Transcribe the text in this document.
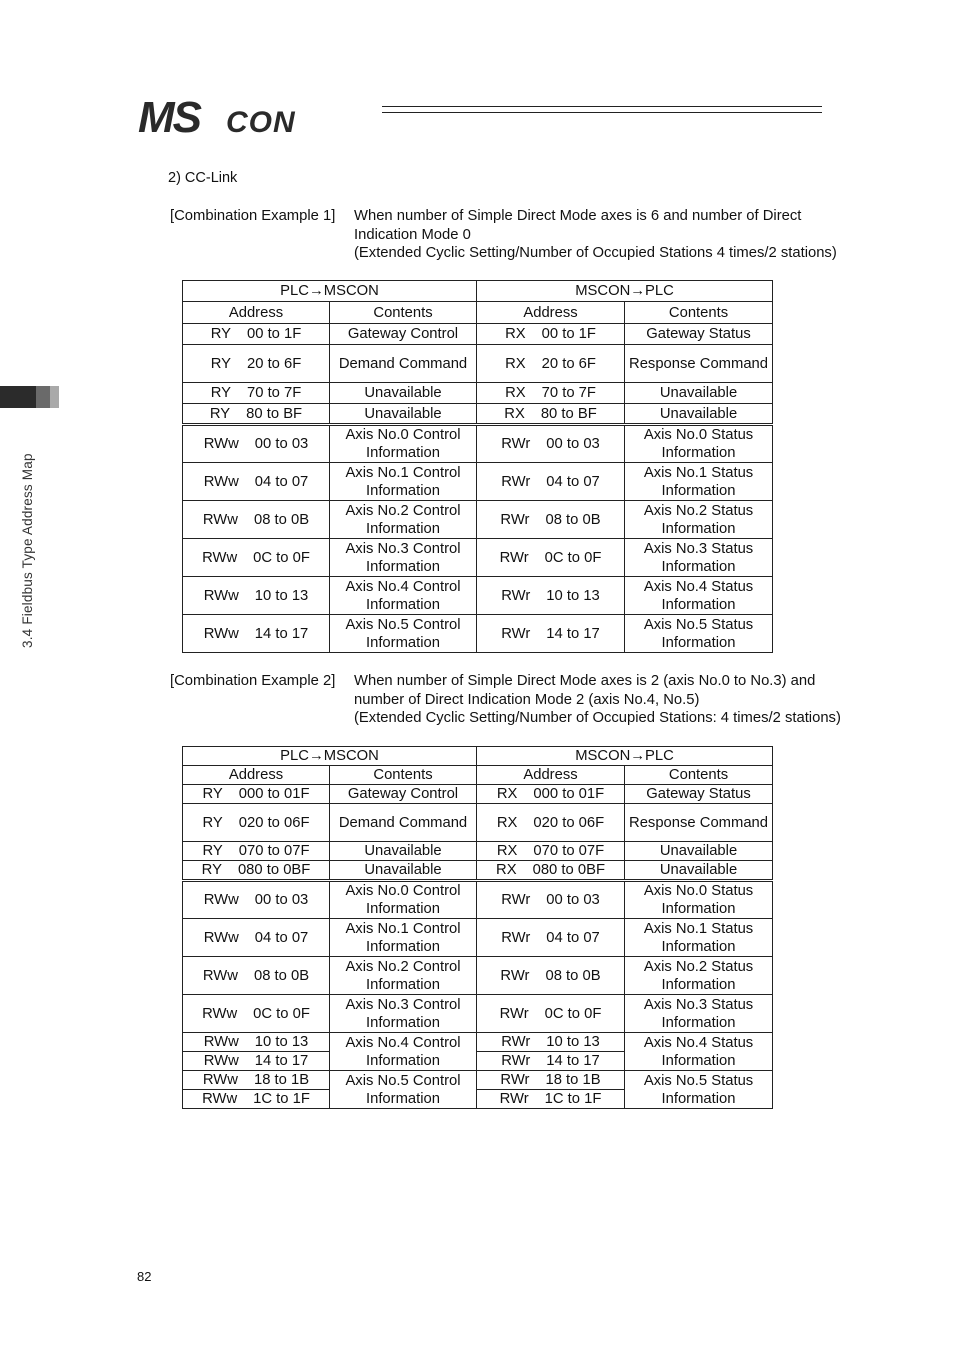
MS CON
3.4 Fieldbus Type Address Map
2) CC-Link
[Combination Example 1] When number of Simple Direct Mode axes is 6 and number of Direct Indication Mode 0
(Extended Cyclic Setting/Number of Occupied Stations 4 times/2 stations)
PLC→MSCON		MSCON→PLC	
Address	Contents	Address	Contents
RY 00 to 1F	Gateway Control	RX 00 to 1F	Gateway Status
RY 20 to 6F	Demand Command	RX 20 to 6F	Response Command
RY 70 to 7F	Unavailable	RX 70 to 7F	Unavailable
RY 80 to BF	Unavailable	RX 80 to BF	Unavailable
RWw 00 to 03	Axis No.0 Control Information	RWr 00 to 03	Axis No.0 Status Information
RWw 04 to 07	Axis No.1 Control Information	RWr 04 to 07	Axis No.1 Status Information
RWw 08 to 0B	Axis No.2 Control Information	RWr 08 to 0B	Axis No.2 Status Information
RWw 0C to 0F	Axis No.3 Control Information	RWr 0C to 0F	Axis No.3 Status Information
RWw 10 to 13	Axis No.4 Control Information	RWr 10 to 13	Axis No.4 Status Information
RWw 14 to 17	Axis No.5 Control Information	RWr 14 to 17	Axis No.5 Status Information
[Combination Example 2] When number of Simple Direct Mode axes is 2 (axis No.0 to No.3) and number of Direct Indication Mode 2 (axis No.4, No.5)
(Extended Cyclic Setting/Number of Occupied Stations: 4 times/2 stations)
PLC→MSCON		MSCON→PLC	
Address	Contents	Address	Contents
RY 000 to 01F	Gateway Control	RX 000 to 01F	Gateway Status
RY 020 to 06F	Demand Command	RX 020 to 06F	Response Command
RY 070 to 07F	Unavailable	RX 070 to 07F	Unavailable
RY 080 to 0BF	Unavailable	RX 080 to 0BF	Unavailable
RWw 00 to 03	Axis No.0 Control Information	RWr 00 to 03	Axis No.0 Status Information
RWw 04 to 07	Axis No.1 Control Information	RWr 04 to 07	Axis No.1 Status Information
RWw 08 to 0B	Axis No.2 Control Information	RWr 08 to 0B	Axis No.2 Status Information
RWw 0C to 0F	Axis No.3 Control Information	RWr 0C to 0F	Axis No.3 Status Information
RWw 10 to 13	Axis No.4 Control Information	RWr 10 to 13	Axis No.4 Status Information
RWw 14 to 17		RWr 14 to 17	
RWw 18 to 1B	Axis No.5 Control Information	RWr 18 to 1B	Axis No.5 Status Information
RWw 1C to 1F		RWr 1C to 1F	
82
